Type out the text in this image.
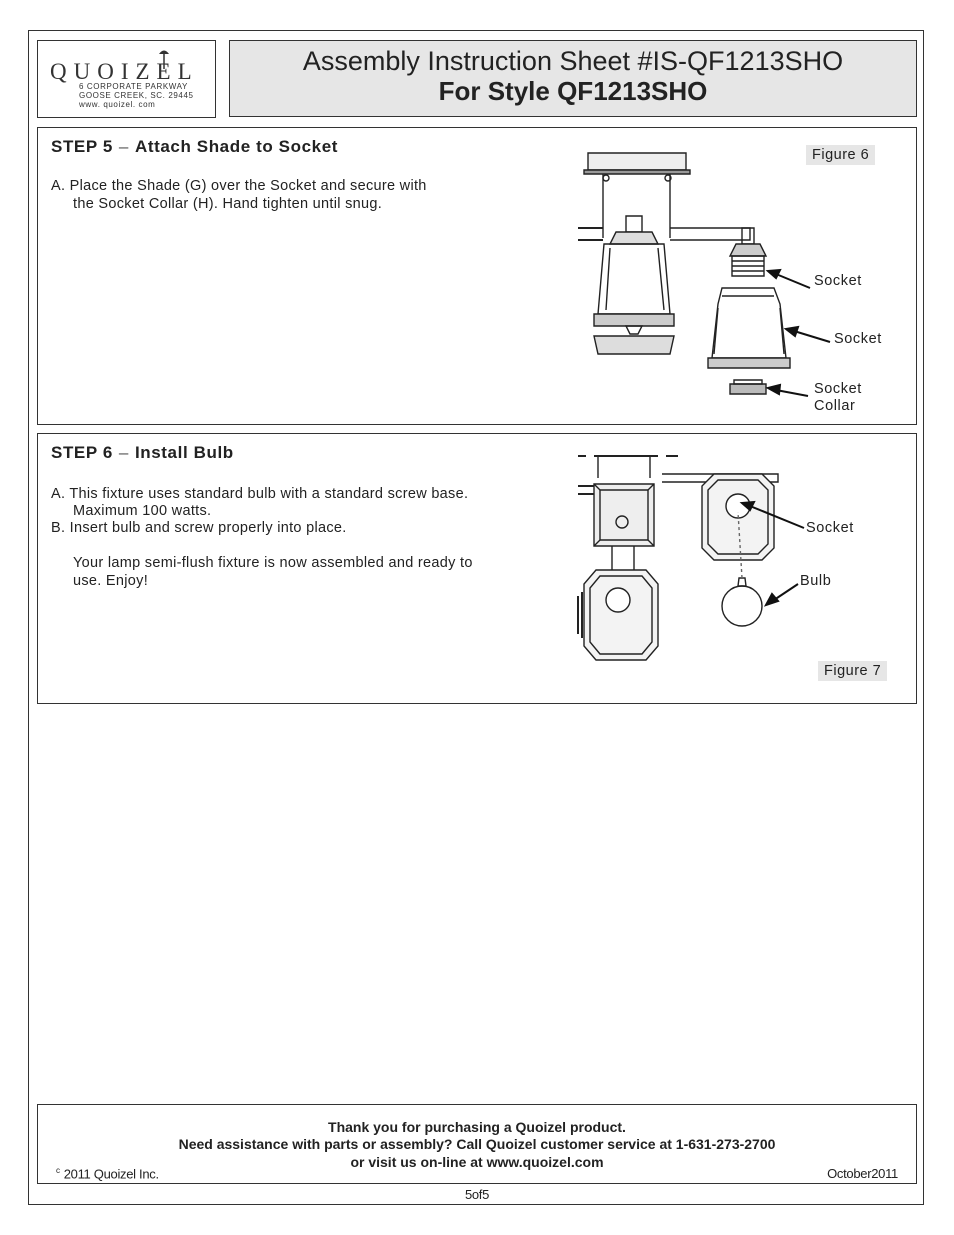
QUOIZEL
6 CORPORATE PARKWAY
GOOSE CREEK, SC. 29445
www. quoizel. com
Assembly Instruction Sheet #IS-QF1213SHO
For Style QF1213SHO
STEP 5 – Attach Shade to Socket
A. Place the Shade (G) over the Socket and secure with
the Socket Collar (H). Hand tighten until snug.
Figure 6
Socket
Socket
Socket
Collar
STEP 6 – Install Bulb
A. This fixture uses standard bulb with a standard screw base.
Maximum 100 watts.
B. Insert bulb and screw properly into place.
Your lamp semi-flush fixture is now assembled and ready to
use. Enjoy!
Figure 7
Socket
Bulb
Thank you for purchasing a Quoizel product.
Need assistance with parts or assembly? Call Quoizel customer service at 1-631-273-2700
or visit us on-line at www.quoizel.com
$^c$ 2011 Quoizel Inc.	October2011
5of5
